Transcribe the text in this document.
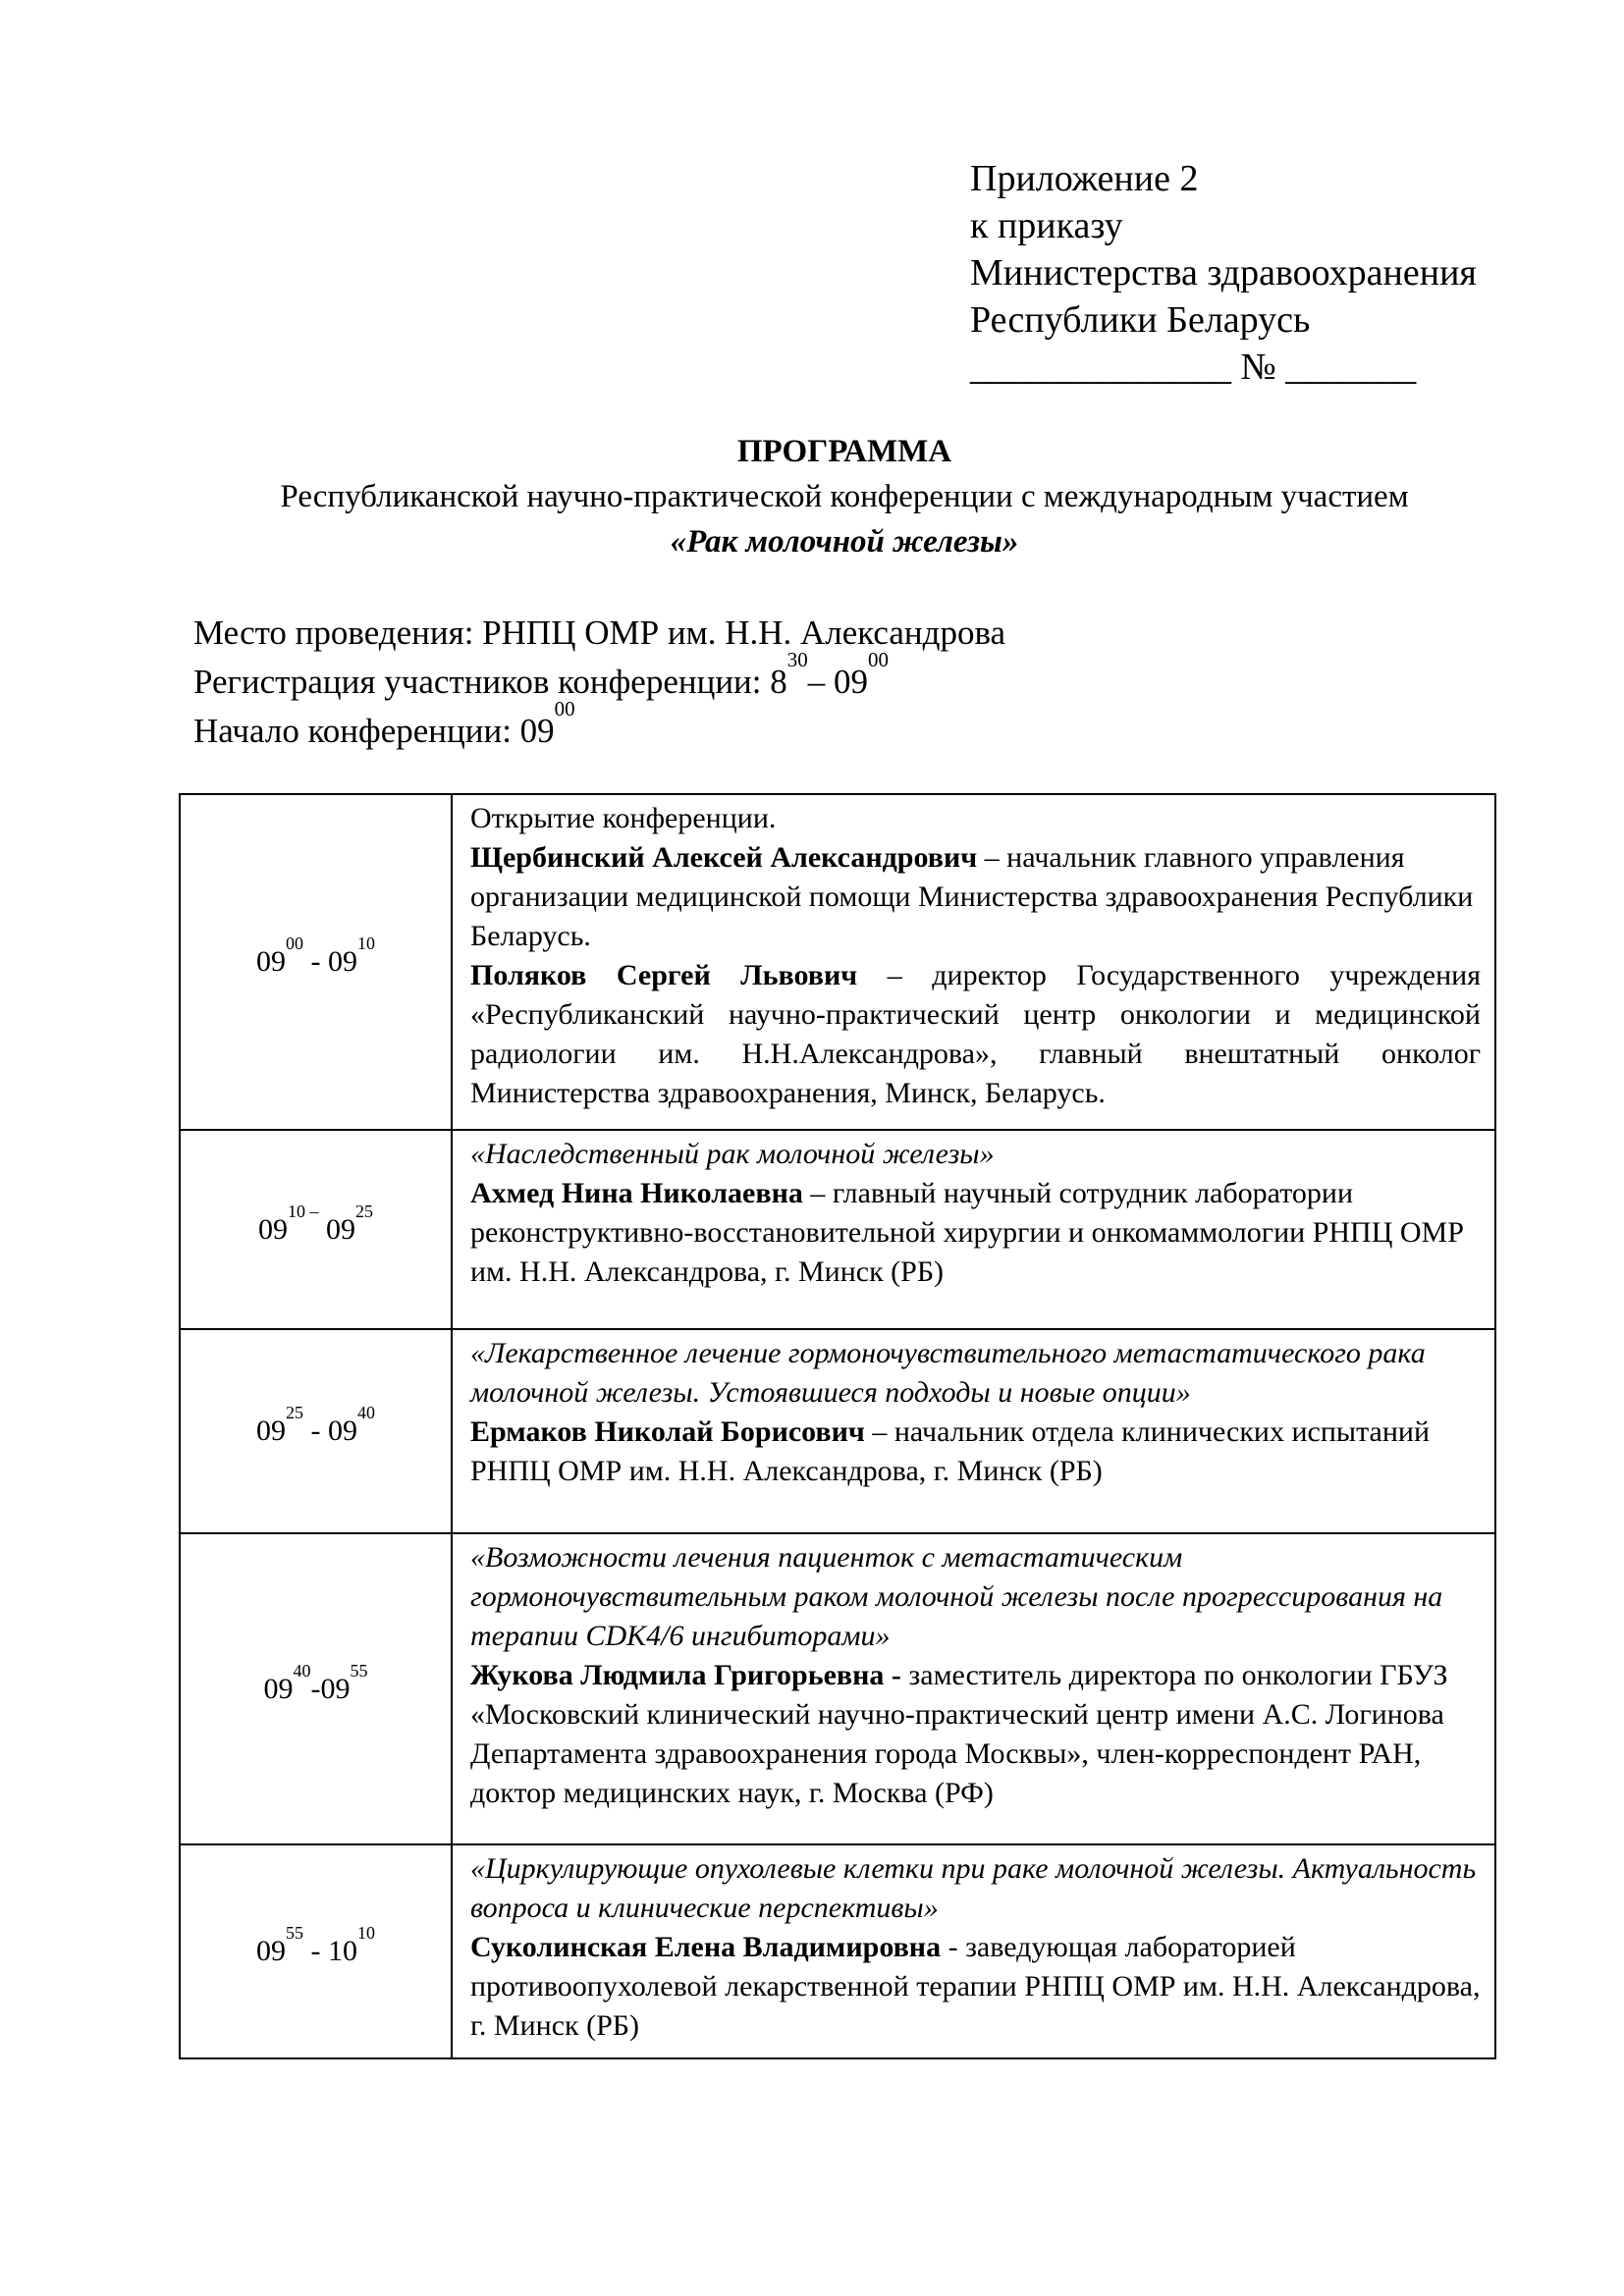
Приложение 2
к приказу
Министерства здравоохранения
Республики Беларусь
______________ № _______
ПРОГРАММА
Республиканской научно-практической конференции с международным участием
«Рак молочной железы»
Место проведения: РНПЦ ОМР им. Н.Н. Александрова
Регистрация участников конференции: $8^{30}-$ $09^{00}$
Начало конференции: $09^{00}$
$09^{00} - 09^{10}$	Открытие конференции.
Щербинский Алексей Александрович – начальник главного управления организации медицинской помощи Министерства здравоохранения Республики Беларусь.
Поляков Сергей Львович – директор Государственного учреждения «Республиканский научно-практический центр онкологии и медицинской радиологии им. Н.Н.Александрова», главный внештатный онколог Министерства здравоохранения, Минск, Беларусь.

$09^{10 -}$ $09^{25}$	«Наследственный рак молочной железы»
Ахмед Нина Николаевна – главный научный сотрудник лаборатории реконструктивно-восстановительной хирургии и онкомаммологии РНПЦ ОМР им. Н.Н. Александрова, г. Минск (РБ)

$09^{25} - 09^{40}$	«Лекарственное лечение гормоночувствительного метастатического рака молочной железы. Устоявшиеся подходы и новые опции»
Ермаков Николай Борисович – начальник отдела клинических испытаний РНПЦ ОМР им. Н.Н. Александрова, г. Минск (РБ)

$09^{40}-09^{55}$	«Возможности лечения пациенток с метастатическим гормоночувствительным раком молочной железы после прогрессирования на терапии CDK4/6 ингибиторами»
Жукова Людмила Григорьевна - заместитель директора по онкологии ГБУЗ «Московский клинический научно-практический центр имени А.С. Логинова Департамента здравоохранения города Москвы», член-корреспондент РАН, доктор медицинских наук, г. Москва (РФ)

$09^{55} - 10^{10}$	«Циркулирующие опухолевые клетки при раке молочной железы. Актуальность вопроса и клинические перспективы»
Суколинская Елена Владимировна - заведующая лабораторией противоопухолевой лекарственной терапии РНПЦ ОМР им. Н.Н. Александрова, г. Минск (РБ)
